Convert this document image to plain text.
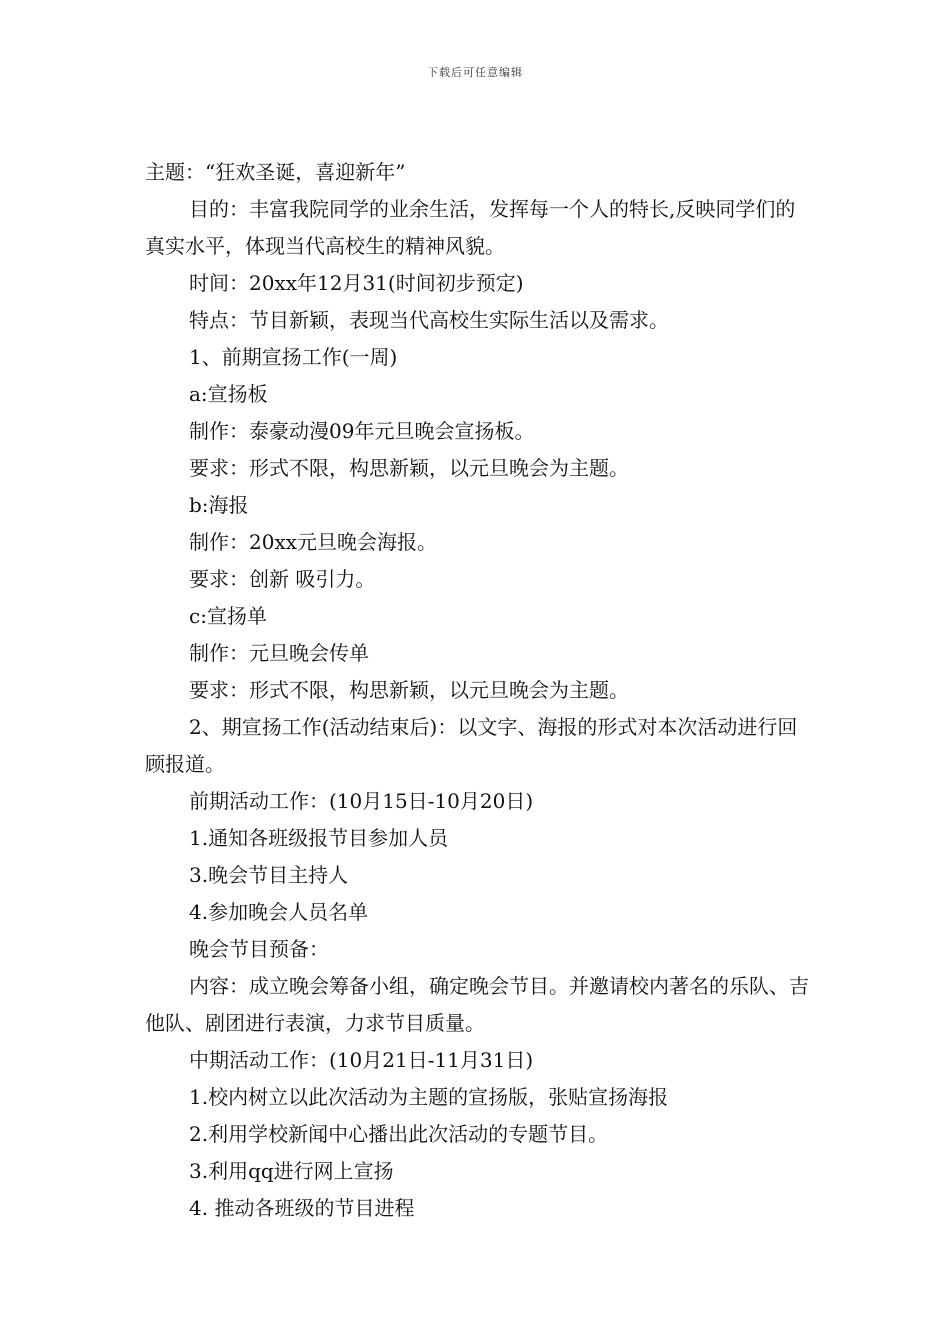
下载后可任意编辑

主题：“狂欢圣诞，喜迎新年”

目的：丰富我院同学的业余生活，发挥每一个人的特长,反映同学们的真实水平，体现当代高校生的精神风貌。

时间：20xx年12月31(时间初步预定)

特点：节目新颖，表现当代高校生实际生活以及需求。

1、前期宣扬工作(一周)

a:宣扬板

制作：泰豪动漫09年元旦晚会宣扬板。

要求：形式不限，构思新颖，以元旦晚会为主题。

b:海报

制作：20xx元旦晚会海报。

要求：创新 吸引力。

c:宣扬单

制作：元旦晚会传单

要求：形式不限，构思新颖，以元旦晚会为主题。

2、期宣扬工作(活动结束后)：以文字、海报的形式对本次活动进行回顾报道。

前期活动工作：(10月15日-10月20日)

1.通知各班级报节目参加人员

3.晚会节目主持人

4.参加晚会人员名单

晚会节目预备：

内容：成立晚会筹备小组，确定晚会节目。并邀请校内著名的乐队、吉他队、剧团进行表演，力求节目质量。

中期活动工作：(10月21日-11月31日)

1.校内树立以此次活动为主题的宣扬版，张贴宣扬海报

2.利用学校新闻中心播出此次活动的专题节目。

3.利用qq进行网上宣扬

4. 推动各班级的节目进程
